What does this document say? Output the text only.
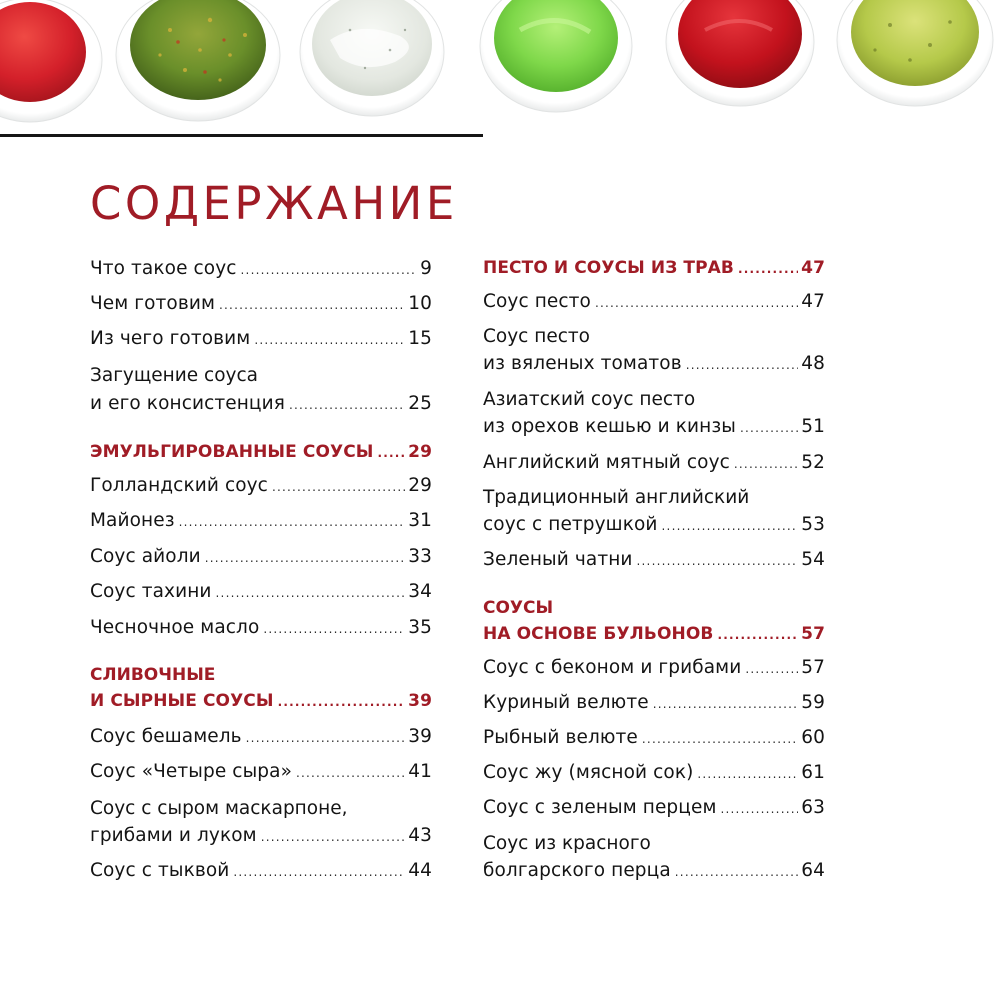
СОДЕРЖАНИЕ
Что такое соус .....	9
Чем готовим .....	10
Из чего готовим .....	15
Загущение соуса
и его консистенция .....	25
ЭМУЛЬГИРОВАННЫЕ СОУСЫ ..... 29
Голландский соус .....	29
Майонез .....	31
Соус айоли .....	33
Соус тахини .....	34
Чесночное масло .....	35
СЛИВОЧНЫЕ
И СЫРНЫЕ СОУСЫ .....	39
Соус бешамель .....	39
Соус «Четыре сыра» .....	41
Соус с сыром маскарпоне,
грибами и луком .....	43
Соус с тыквой .....	44
ПЕСТО И СОУСЫ ИЗ ТРАВ .....	47
Соус песто .....	47
Соус песто
из вяленых томатов .....	48
Азиатский соус песто
из орехов кешью и кинзы .....	51
Английский мятный соус .....	52
Традиционный английский
соус с петрушкой .....	53
Зеленый чатни .....	54
СОУСЫ
НА ОСНОВЕ БУЛЬОНОВ .....	57
Соус с беконом и грибами .....	57
Куриный велюте .....	59
Рыбный велюте .....	60
Соус жу (мясной сок) .....	61
Соус с зеленым перцем .....	63
Соус из красного
болгарского перца .....	64
